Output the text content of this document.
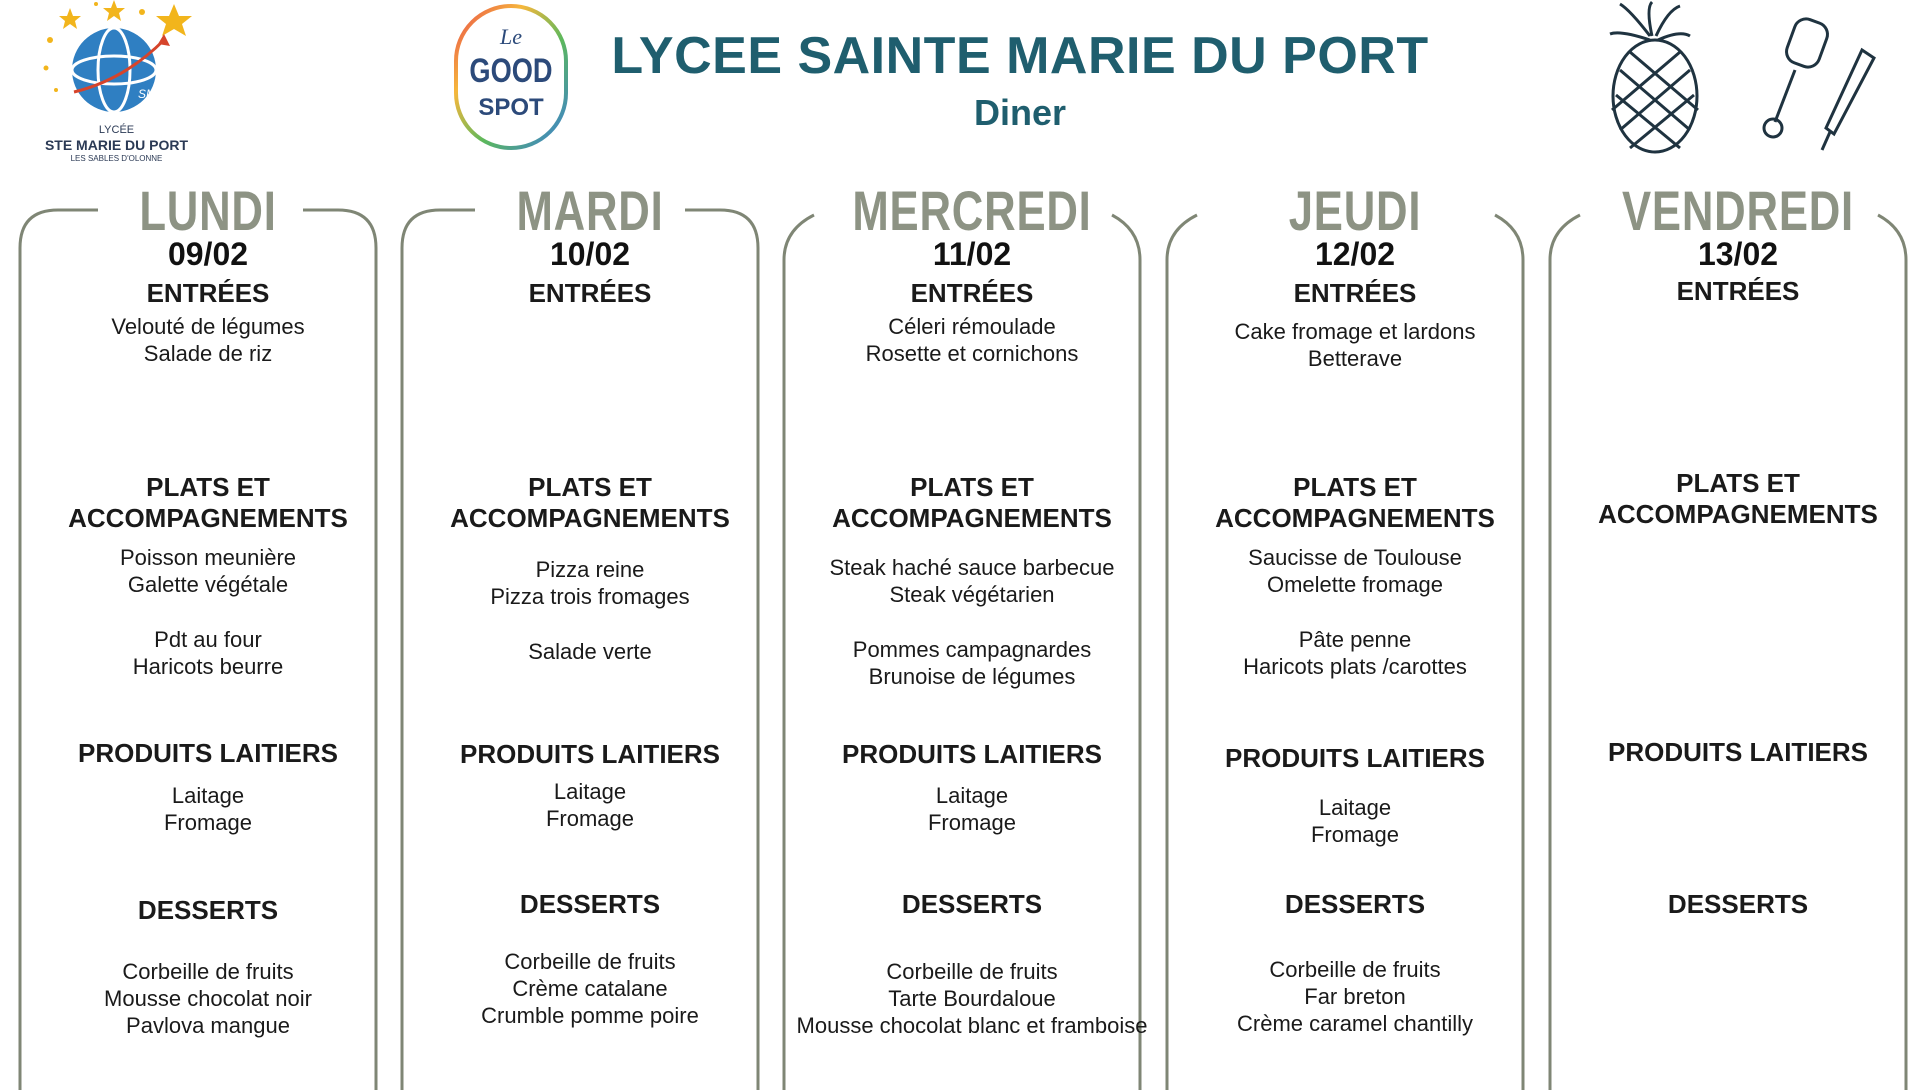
SMP
LYCÉE
STE MARIE DU PORT
LES SABLES D'OLONNE
Le
GOOD
SPOT
LYCEE SAINTE MARIE DU PORT
Diner
LUNDI
09/02
ENTRÉES
Velouté de légumes
Salade de riz
PLATS ET ACCOMPAGNEMENTS
Poisson meunière
Galette végétale
Pdt au four
Haricots beurre
PRODUITS LAITIERS
Laitage
Fromage
DESSERTS
Corbeille de fruits
Mousse chocolat noir
Pavlova mangue
MARDI
10/02
ENTRÉES
PLATS ET ACCOMPAGNEMENTS
Pizza reine
Pizza trois fromages
Salade verte
PRODUITS LAITIERS
Laitage
Fromage
DESSERTS
Corbeille de fruits
Crème catalane
Crumble pomme poire
MERCREDI
11/02
ENTRÉES
Céleri rémoulade
Rosette et cornichons
PLATS ET ACCOMPAGNEMENTS
Steak haché sauce barbecue
Steak végétarien
Pommes campagnardes
Brunoise de légumes
PRODUITS LAITIERS
Laitage
Fromage
DESSERTS
Corbeille de fruits
Tarte Bourdaloue
Mousse chocolat blanc et framboise
JEUDI
12/02
ENTRÉES
Cake fromage et lardons
Betterave
PLATS ET ACCOMPAGNEMENTS
Saucisse de Toulouse
Omelette fromage
Pâte penne
Haricots plats /carottes
PRODUITS LAITIERS
Laitage
Fromage
DESSERTS
Corbeille de fruits
Far breton
Crème caramel chantilly
VENDREDI
13/02
ENTRÉES
PLATS ET ACCOMPAGNEMENTS
PRODUITS LAITIERS
DESSERTS
